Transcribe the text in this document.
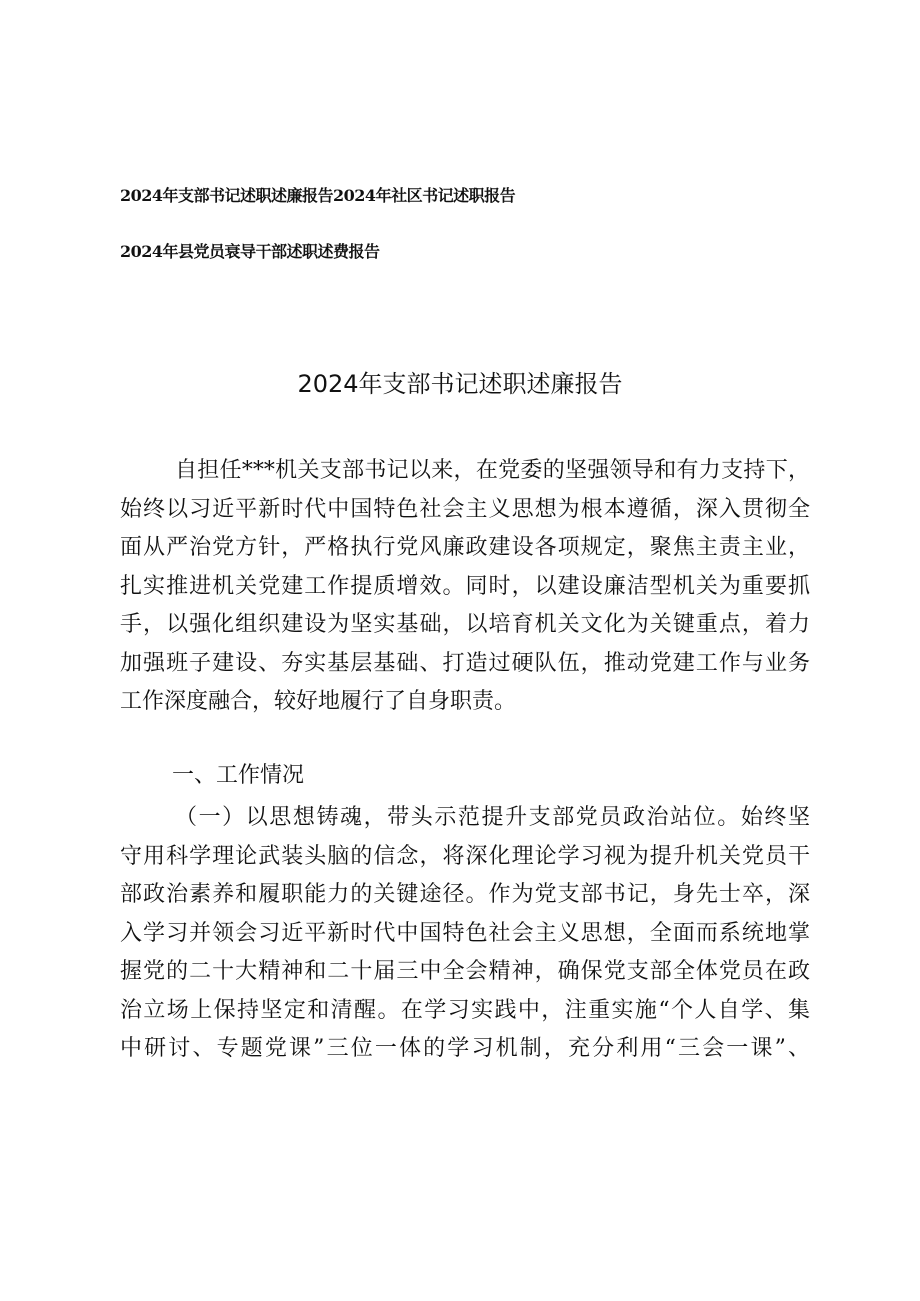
2024年支部书记述职述廉报告2024年社区书记述职报告
2024年县党员衰导干部述职述费报告
2024年支部书记述职述廉报告
自担任***机关支部书记以来，在党委的坚强领导和有力支持下，
始终以习近平新时代中国特色社会主义思想为根本遵循，深入贯彻全
面从严治党方针，严格执行党风廉政建设各项规定，聚焦主责主业，
扎实推进机关党建工作提质增效。同时，以建设廉洁型机关为重要抓
手，以强化组织建设为坚实基础，以培育机关文化为关键重点，着力
加强班子建设、夯实基层基础、打造过硬队伍，推动党建工作与业务
工作深度融合，较好地履行了自身职责。
一、工作情况
（一）以思想铸魂，带头示范提升支部党员政治站位。始终坚
守用科学理论武装头脑的信念，将深化理论学习视为提升机关党员干
部政治素养和履职能力的关键途径。作为党支部书记，身先士卒，深
入学习并领会习近平新时代中国特色社会主义思想，全面而系统地掌
握党的二十大精神和二十届三中全会精神，确保党支部全体党员在政
治立场上保持坚定和清醒。在学习实践中，注重实施“个人自学、集
中研讨、专题党课”三位一体的学习机制，充分利用“三会一课”、
